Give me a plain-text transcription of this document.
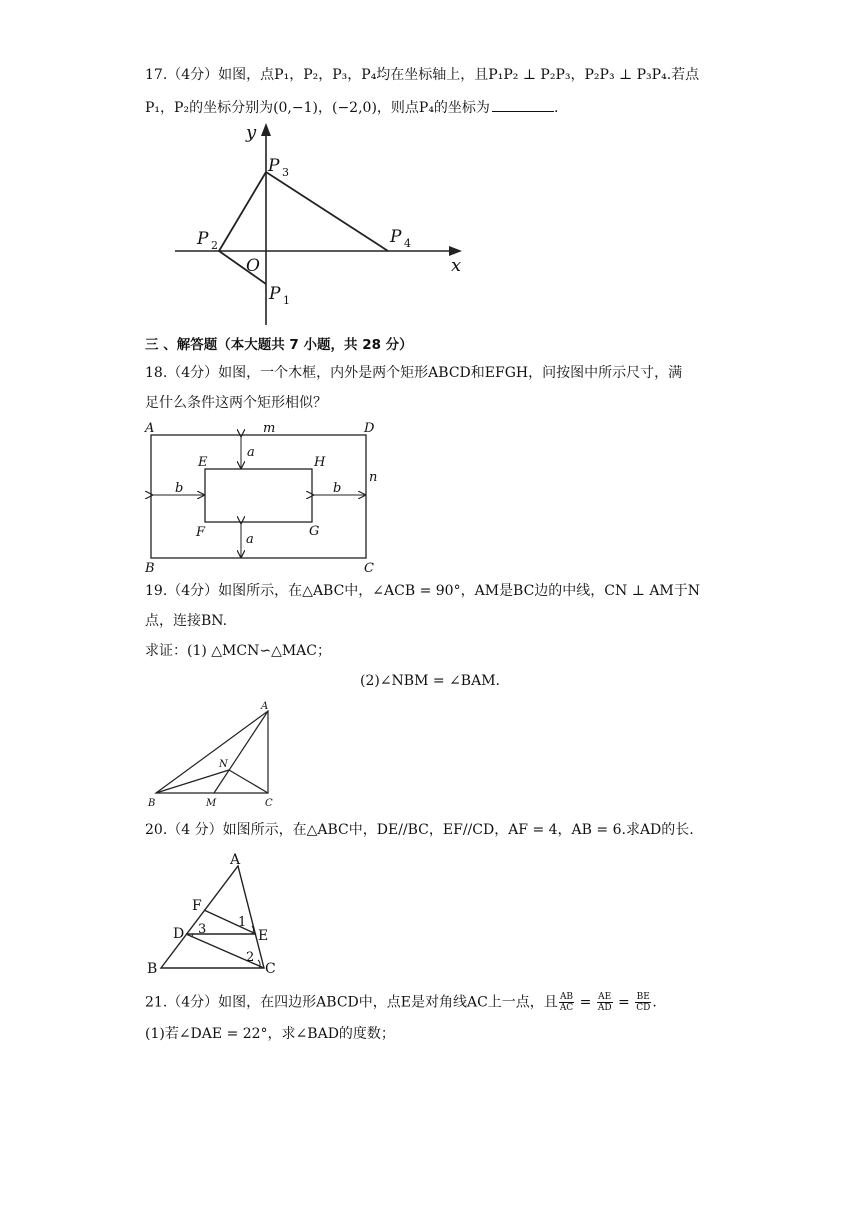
17.（4分）如图，点P₁，P₂，P₃，P₄均在坐标轴上，且P₁P₂ ⊥ P₂P₃，P₂P₃ ⊥ P₃P₄.若点
P₁，P₂的坐标分别为(0,−1)，(−2,0)，则点P₄的坐标为	.
y
x
O
P 1
P 2
P 3
P 4
三 、解答题（本大题共 7 小题，共 28 分）
18.（4分）如图，一个木框，内外是两个矩形ABCD和EFGH，问按图中所示尺寸，满
足什么条件这两个矩形相似？
A	D
B	C
E	H
F	G
m
n
a
a
b	b
19.（4分）如图所示，在△ABC中，∠ACB = 90°，AM是BC边的中线，CN ⊥ AM于N
点，连接BN.
求证：(1) △MCN∽△MAC；
(2)∠NBM = ∠BAM.
A
B	C
M
N
20.（4 分）如图所示，在△ABC中，DE//BC，EF//CD，AF = 4，AB = 6.求AD的长.
A
B	C
D	E
F
1
2
3
21.（4分）如图，在四边形ABCD中，点E是对角线AC上一点，且 $\frac{AB}{AC} = \frac{AE}{AD} = \frac{BE}{CD}$ .
(1)若∠DAE = 22°，求∠BAD的度数；
